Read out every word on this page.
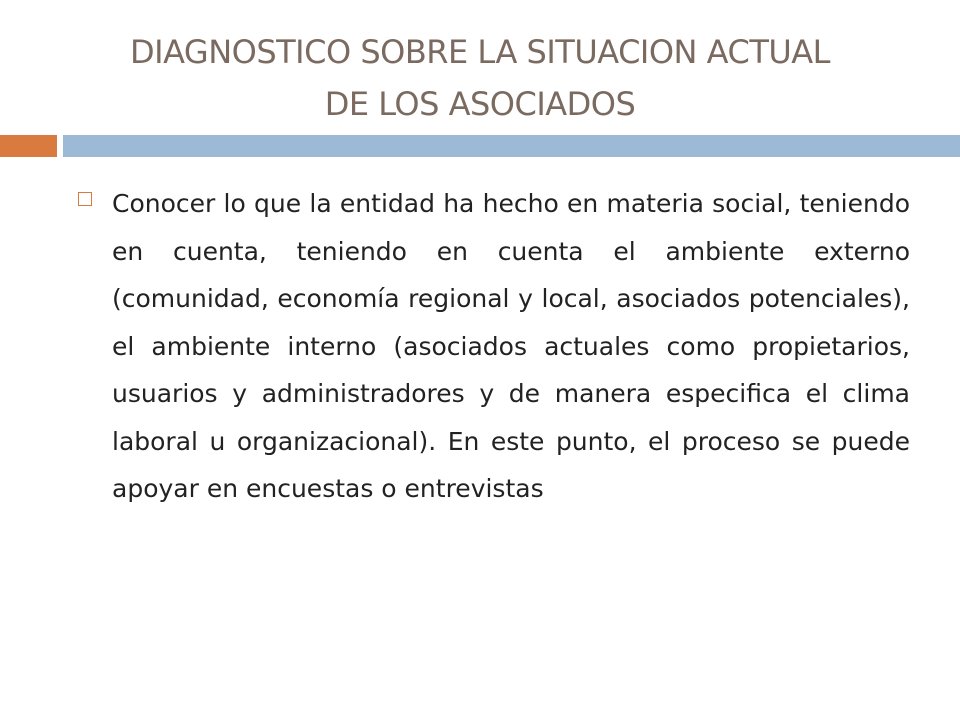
DIAGNOSTICO SOBRE LA SITUACION ACTUAL
DE LOS ASOCIADOS

Conocer lo que la entidad ha hecho en materia social, teniendo en cuenta, teniendo en cuenta el ambiente externo (comunidad, economía regional y local, asociados potenciales), el ambiente interno (asociados actuales como propietarios, usuarios y administradores y de manera especifica el clima laboral u organizacional). En este punto, el proceso se puede apoyar en encuestas o entrevistas
